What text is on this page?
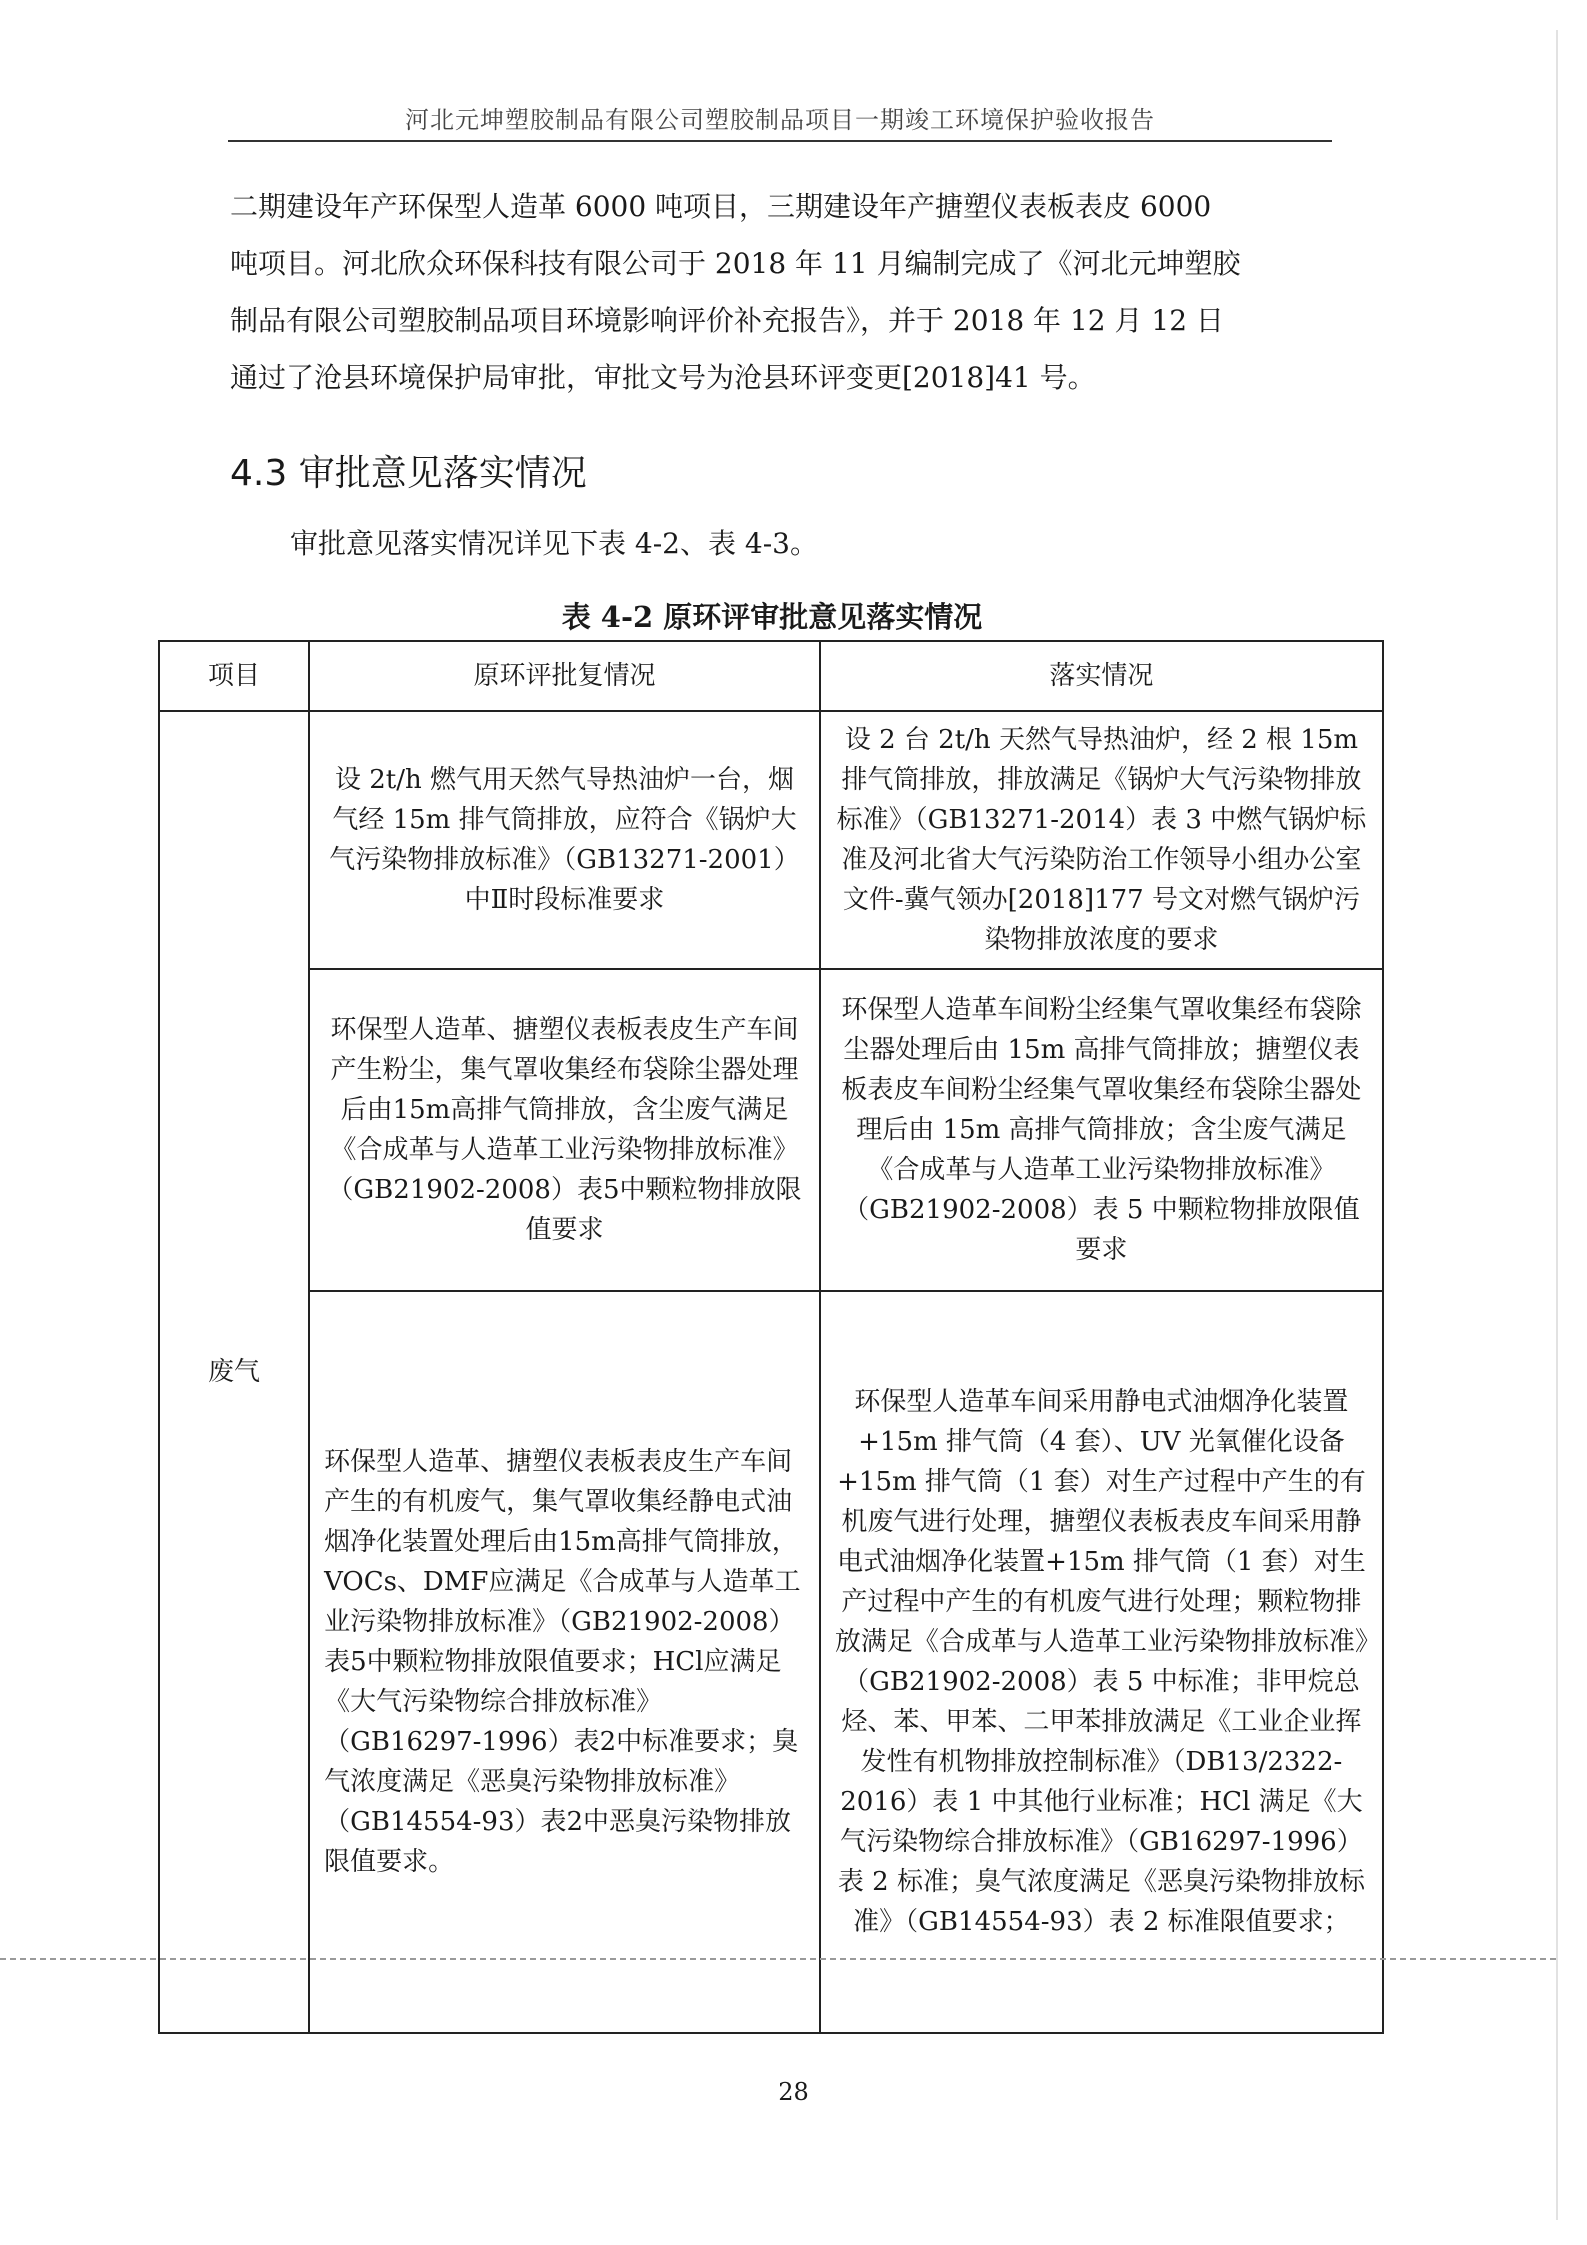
河北元坤塑胶制品有限公司塑胶制品项目一期竣工环境保护验收报告

二期建设年产环保型人造革 6000 吨项目，三期建设年产搪塑仪表板表皮 6000

吨项目。河北欣众环保科技有限公司于 2018 年 11 月编制完成了《河北元坤塑胶

制品有限公司塑胶制品项目环境影响评价补充报告》，并于 2018 年 12 月 12 日

通过了沧县环境保护局审批，审批文号为沧县环评变更[2018]41 号。

4.3 审批意见落实情况
审批意见落实情况详见下表 4-2、表 4-3。
表 4-2 原环评审批意见落实情况
项目	原环评批复情况	落实情况
废气	设 2t/h 燃气用天然气导热油炉一台，烟气经 15m 排气筒排放，应符合《锅炉大气污染物排放标准》（GB13271-2001）中Ⅱ时段标准要求	设 2 台 2t/h 天然气导热油炉，经 2 根 15m 排气筒排放，排放满足《锅炉大气污染物排放标准》（GB13271-2014）表 3 中燃气锅炉标准及河北省大气污染防治工作领导小组办公室文件-冀气领办[2018]177 号文对燃气锅炉污染物排放浓度的要求

	环保型人造革、搪塑仪表板表皮生产车间产生粉尘，集气罩收集经布袋除尘器处理后由15m高排气筒排放，含尘废气满足《合成革与人造革工业污染物排放标准》（GB21902-2008）表5中颗粒物排放限值要求	环保型人造革车间粉尘经集气罩收集经布袋除尘器处理后由 15m 高排气筒排放；搪塑仪表板表皮车间粉尘经集气罩收集经布袋除尘器处理后由 15m 高排气筒排放；含尘废气满足《合成革与人造革工业污染物排放标准》（GB21902-2008）表 5 中颗粒物排放限值要求

	环保型人造革、搪塑仪表板表皮生产车间产生的有机废气，集气罩收集经静电式油烟净化装置处理后由15m高排气筒排放，VOCs、DMF应满足《合成革与人造革工业污染物排放标准》（GB21902-2008）表5中颗粒物排放限值要求；HCl应满足《大气污染物综合排放标准》（GB16297-1996）表2中标准要求；臭气浓度满足《恶臭污染物排放标准》（GB14554-93）表2中恶臭污染物排放限值要求。	环保型人造革车间采用静电式油烟净化装置+15m 排气筒（4 套）、UV 光氧催化设备+15m 排气筒（1 套）对生产过程中产生的有机废气进行处理，搪塑仪表板表皮车间采用静电式油烟净化装置+15m 排气筒（1 套）对生产过程中产生的有机废气进行处理；颗粒物排放满足《合成革与人造革工业污染物排放标准》（GB21902-2008）表 5 中标准；非甲烷总烃、苯、甲苯、二甲苯排放满足《工业企业挥发性有机物排放控制标准》（DB13/2322-2016）表 1 中其他行业标准；HCl 满足《大气污染物综合排放标准》（GB16297-1996）表 2 标准；臭气浓度满足《恶臭污染物排放标准》（GB14554-93）表 2 标准限值要求；
28
